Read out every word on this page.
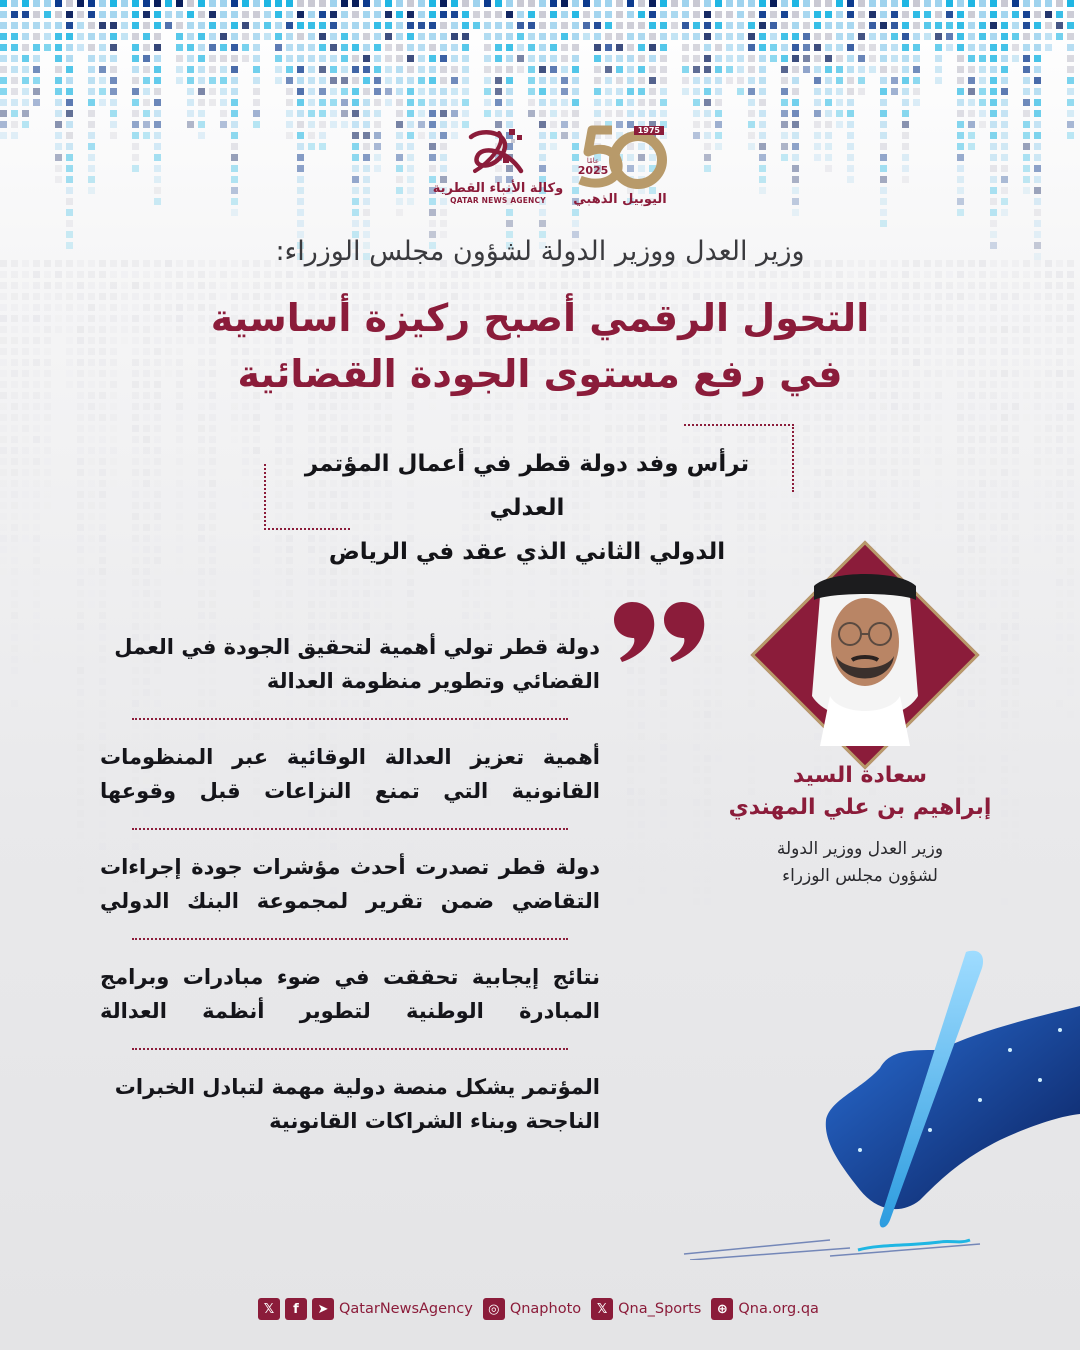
وكالة الأنباء القطرية
QATAR NEWS AGENCY
1975
عامًا
2025
اليوبيل الذهبي
وزير العدل ووزير الدولة لشؤون مجلس الوزراء:
التحول الرقمي أصبح ركيزة أساسية
في رفع مستوى الجودة القضائية
ترأس وفد دولة قطر في أعمال المؤتمر العدلي
الدولي الثاني الذي عقد في الرياض
دولة قطر تولي أهمية لتحقيق الجودة في العمل
القضائي وتطوير منظومة العدالة
أهمية تعزيز العدالة الوقائية عبر المنظومات
القانونية التي تمنع النزاعات قبل وقوعها
دولة قطر تصدرت أحدث مؤشرات جودة إجراءات
التقاضي ضمن تقرير لمجموعة البنك الدولي
نتائج إيجابية تحققت في ضوء مبادرات وبرامج
المبادرة الوطنية لتطوير أنظمة العدالة
المؤتمر يشكل منصة دولية مهمة لتبادل الخبرات
الناجحة وبناء الشراكات القانونية
سعادة السيد
إبراهيم بن علي المهندي
وزير العدل ووزير الدولة
لشؤون مجلس الوزراء
𝕏	f	➤ QatarNewsAgency	◎ Qnaphoto	𝕏 Qna_Sports	⊕ Qna.org.qa
